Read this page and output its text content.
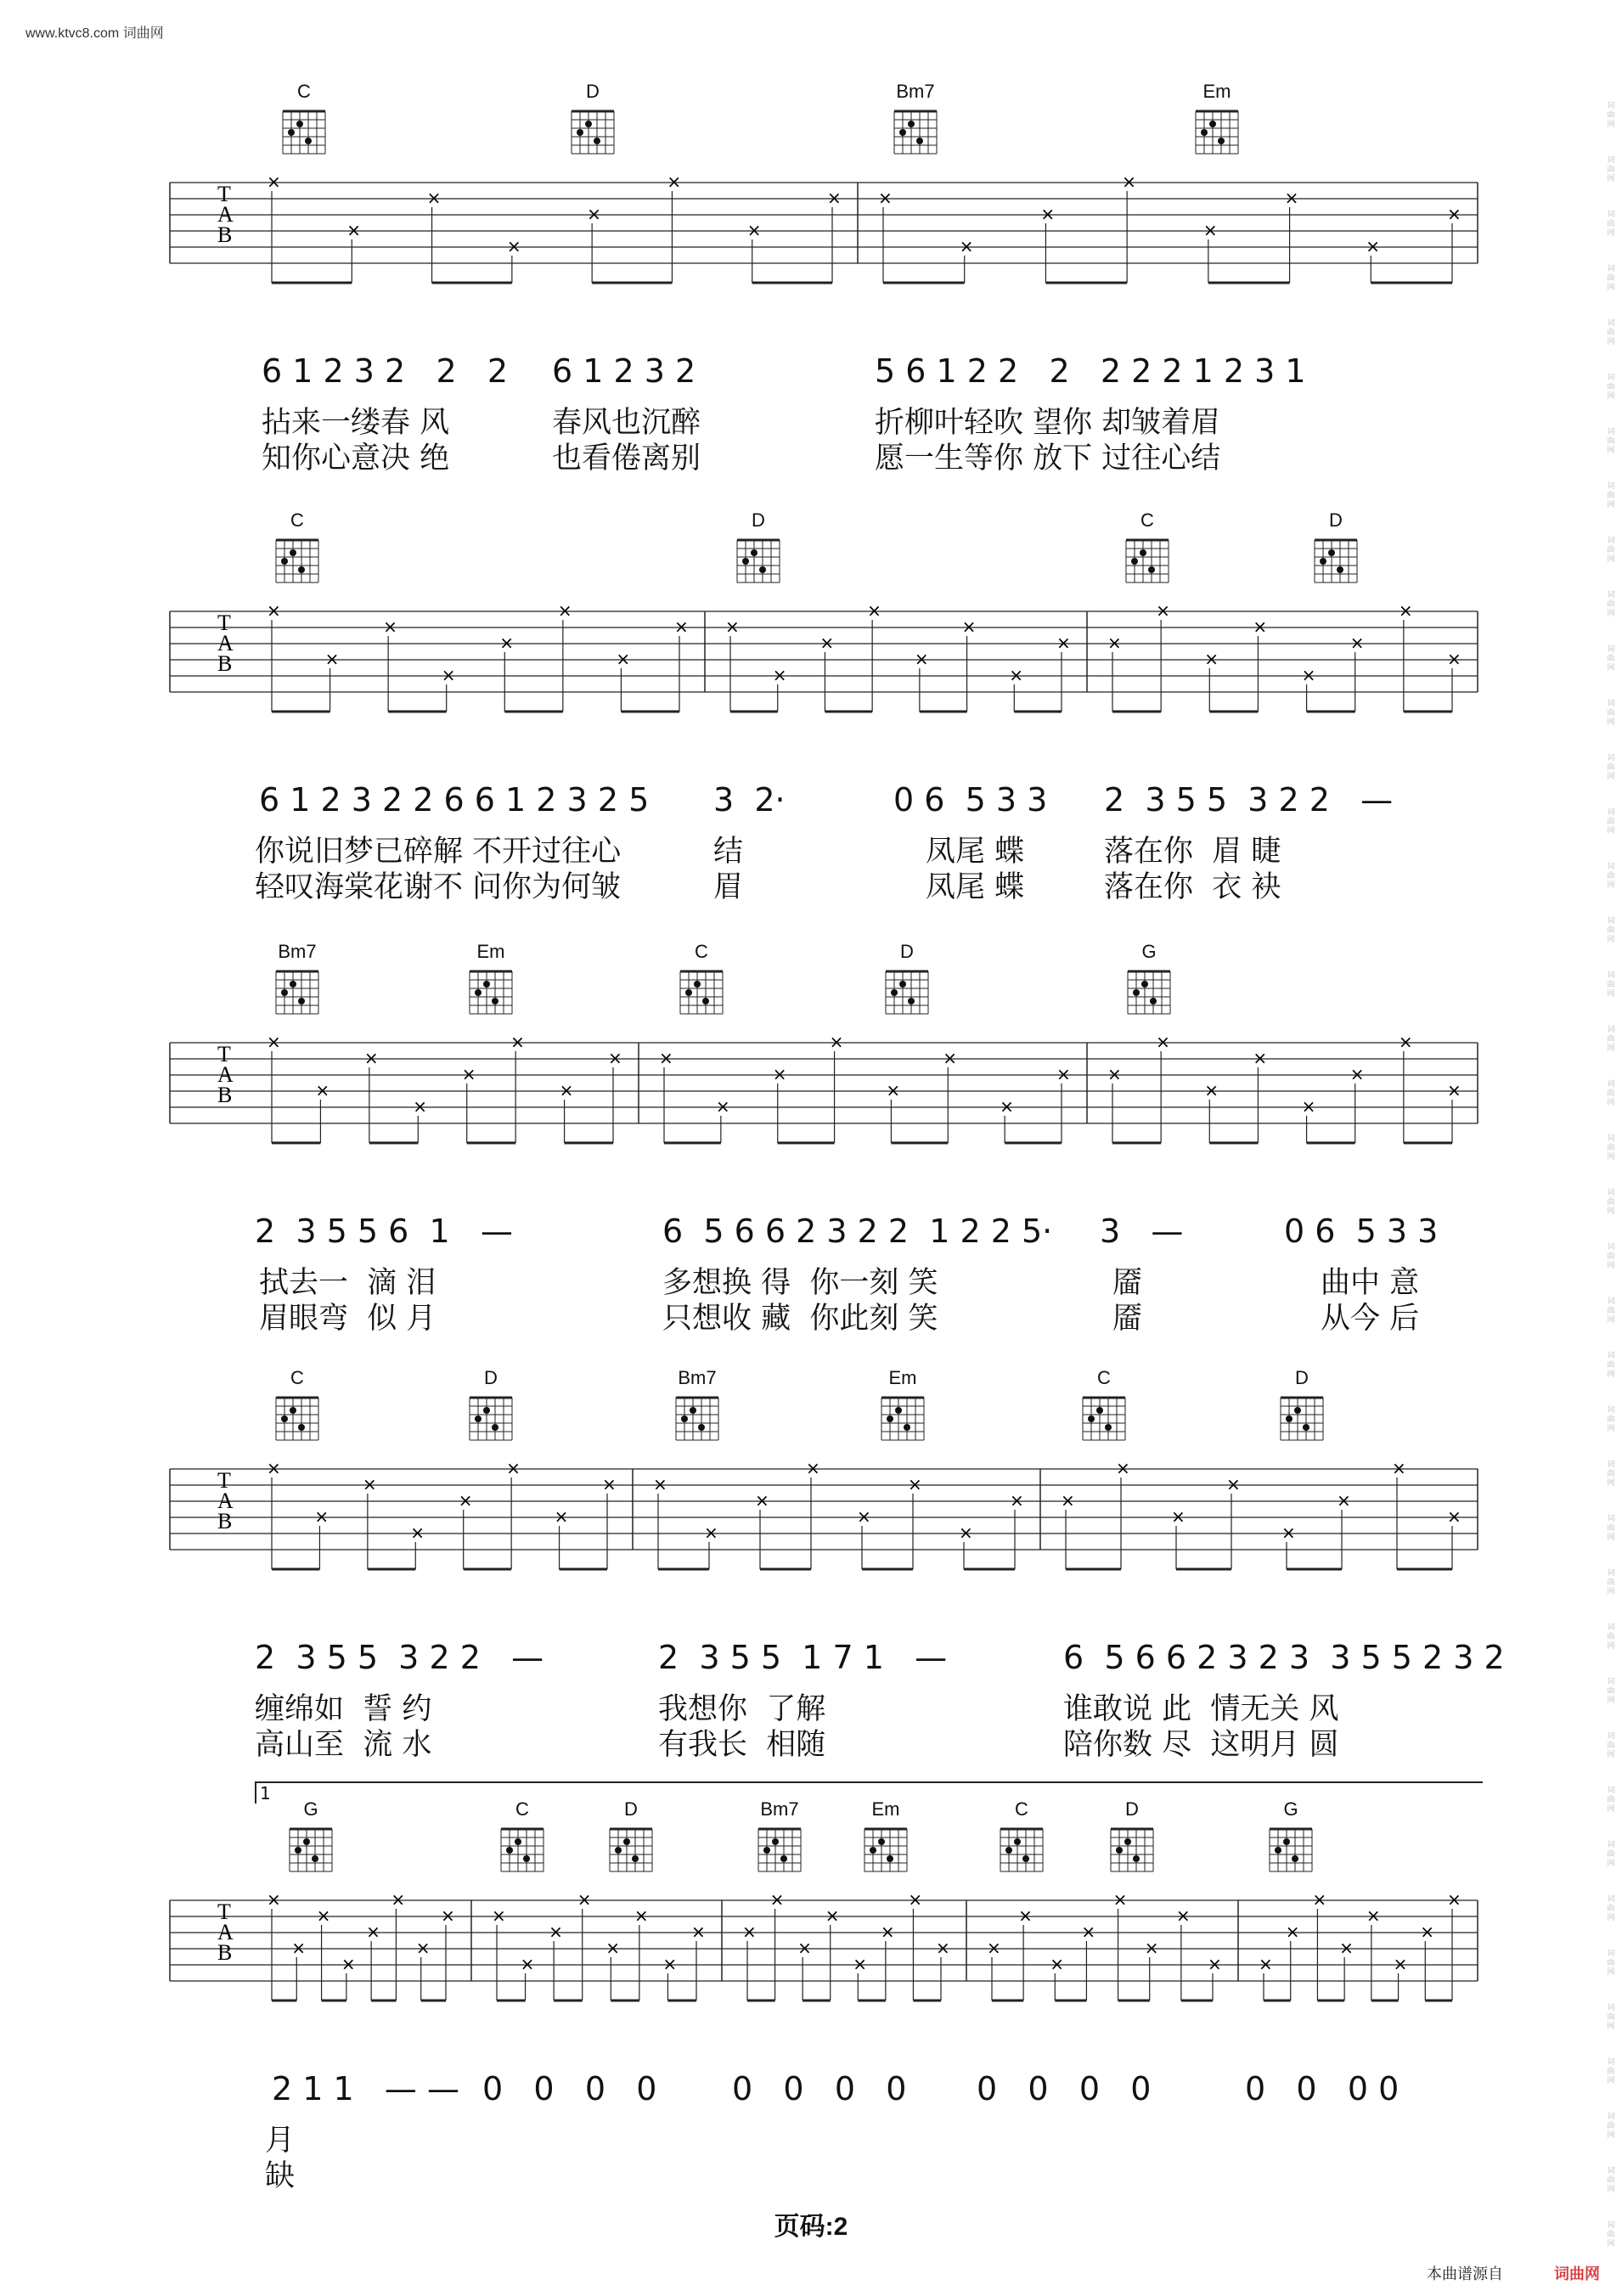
www.ktvc8.com 词曲网
C	D	Bm7	Em
T
A
B
×
×
×
×
×
×
×
× ×
×
×
×
×
×
×
×
6 1 2 3 2   2   2 6 1 2 3 2	5 6 1 2 2   2   2 2 2 1 2 3 1
拈来一缕春 风	春风也沉醉	折柳叶轻吹 望你 却皱着眉
知你心意决 绝	也看倦离别	愿一生等你 放下 过往心结
C	D	C	D
T
A
B
×
×
×
×
×
×
×
× ×
×
×
×
×
×
×
× ×
×
×
×
×
×
×
×
6 1 2 3 2 2 6 6 1 2 3 2 5 3  2·	0 6  5 3 3 2  3 5 5  3 2 2   —
你说旧梦已碎解 不开过往心	结	凤尾 蝶	落在你  眉 睫
轻叹海棠花谢不 问你为何皱	眉	凤尾 蝶	落在你  衣 袂
Bm7	Em	C	D	G
T
A
B
×
×
×
×
×
×
×
× ×
×
×
×
×
×
×
× ×
×
×
×
×
×
×
×
2  3 5 5 6  1   —	6  5 6 6 2 3 2 2  1 2 2 5· 3   —	0 6  5 3 3
拭去一  滴 泪	多想换 得  你一刻 笑	靥	曲中 意
眉眼弯  似 月	只想收 藏  你此刻 笑	靥	从今 后
C	D	Bm7	Em	C	D
T
A
B
×
×
×
×
×
×
×
× ×
×
×
×
×
×
×
× ×
×
×
×
×
×
×
×
2  3 5 5  3 2 2   —	2  3 5 5  1 7 1   —	6  5 6 6 2 3 2 3  3 5 5 2 3 2
缠绵如  誓 约	我想你  了解	谁敢说 此  情无关 风
高山至  流 水	有我长  相随	陪你数 尽  这明月 圆
G	C	D	Bm7	Em	C	D	G
T
A
B
×
×
×
×
×
×
×
× ×
×
×
×
×
×
×
× ×
×
×
×
×
×
×
× ×
×
×
×
×
×
×
× ×
×
×
×
×
×
×
×
2 1 1   — — 0   0   0   0 0   0   0   0 0   0   0   0	0   0   0 0
月
缺
1
页码:2
本曲谱源自	词曲网
词
曲
网
词
曲
网
词
曲
网
词
曲
网
词
曲
网
词
曲
网
词
曲
网
词
曲
网
词
曲
网
词
曲
网
词
曲
网
词
曲
网
词
曲
网
词
曲
网
词
曲
网
词
曲
网
词
曲
网
词
曲
网
词
曲
网
词
曲
网
词
曲
网
词
曲
网
词
曲
网
词
曲
网
词
曲
网
词
曲
网
词
曲
网
词
曲
网
词
曲
网
词
曲
网
词
曲
网
词
曲
网
词
曲
网
词
曲
网
词
曲
网
词
曲
网
词
曲
网
词
曲
网
词
曲
网
词
曲
网
